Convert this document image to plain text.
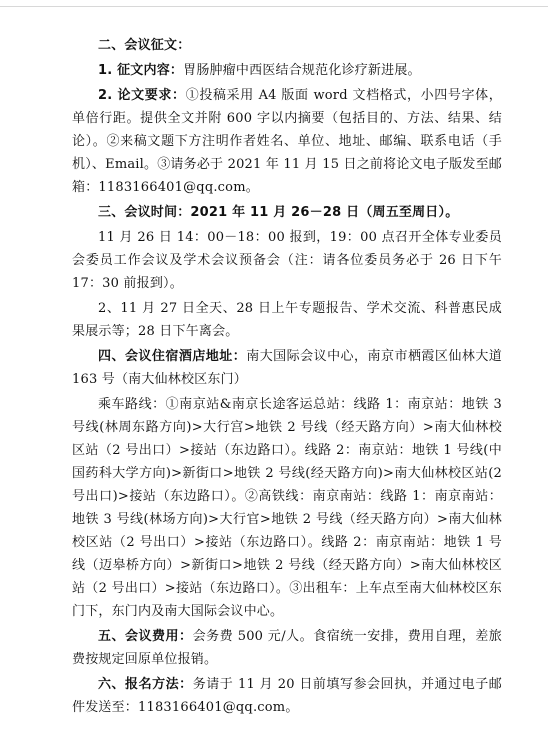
二、会议征文：

1. 征文内容：胃肠肿瘤中西医结合规范化诊疗新进展。

2. 论文要求：①投稿采用 A4 版面 word 文档格式，小四号字体，单倍行距。提供全文并附 600 字以内摘要（包括目的、方法、结果、结论）。②来稿文题下方注明作者姓名、单位、地址、邮编、联系电话（手机）、Email。③请务必于 2021 年 11 月 15 日之前将论文电子版发至邮箱：1183166401@qq.com。

三、会议时间：2021 年 11 月 26－28 日（周五至周日）。

11 月 26 日 14：00－18：00 报到，19：00 点召开全体专业委员会委员工作会议及学术会议预备会（注：请各位委员务必于 26 日下午 17：30 前报到）。

2、11 月 27 日全天、28 日上午专题报告、学术交流、科普惠民成果展示等；28 日下午离会。

四、会议住宿酒店地址：南大国际会议中心，南京市栖霞区仙林大道 163 号（南大仙林校区东门）

乘车路线：①南京站&南京长途客运总站：线路 1：南京站：地铁 3 号线(林周东路方向)>大行宫>地铁 2 号线（经天路方向）>南大仙林校区站（2 号出口）>接站（东边路口）。线路 2：南京站：地铁 1 号线(中国药科大学方向)>新街口>地铁 2 号线(经天路方向)>南大仙林校区站(2 号出口)>接站（东边路口）。②高铁线：南京南站：线路 1：南京南站：地铁 3 号线(林场方向)>大行官>地铁 2 号线（经天路方向）>南大仙林校区站（2 号出口）>接站（东边路口）。线路 2：南京南站：地铁 1 号线（迈皋桥方向）>新街口>地铁 2 号线（经天路方向）>南大仙林校区站（2 号出口）>接站（东边路口）。③出租车：上车点至南大仙林校区东门下，东门内及南大国际会议中心。

五、会议费用：会务费 500 元/人。食宿统一安排，费用自理，差旅费按规定回原单位报销。

六、报名方法：务请于 11 月 20 日前填写参会回执，并通过电子邮件发送至：1183166401@qq.com。
